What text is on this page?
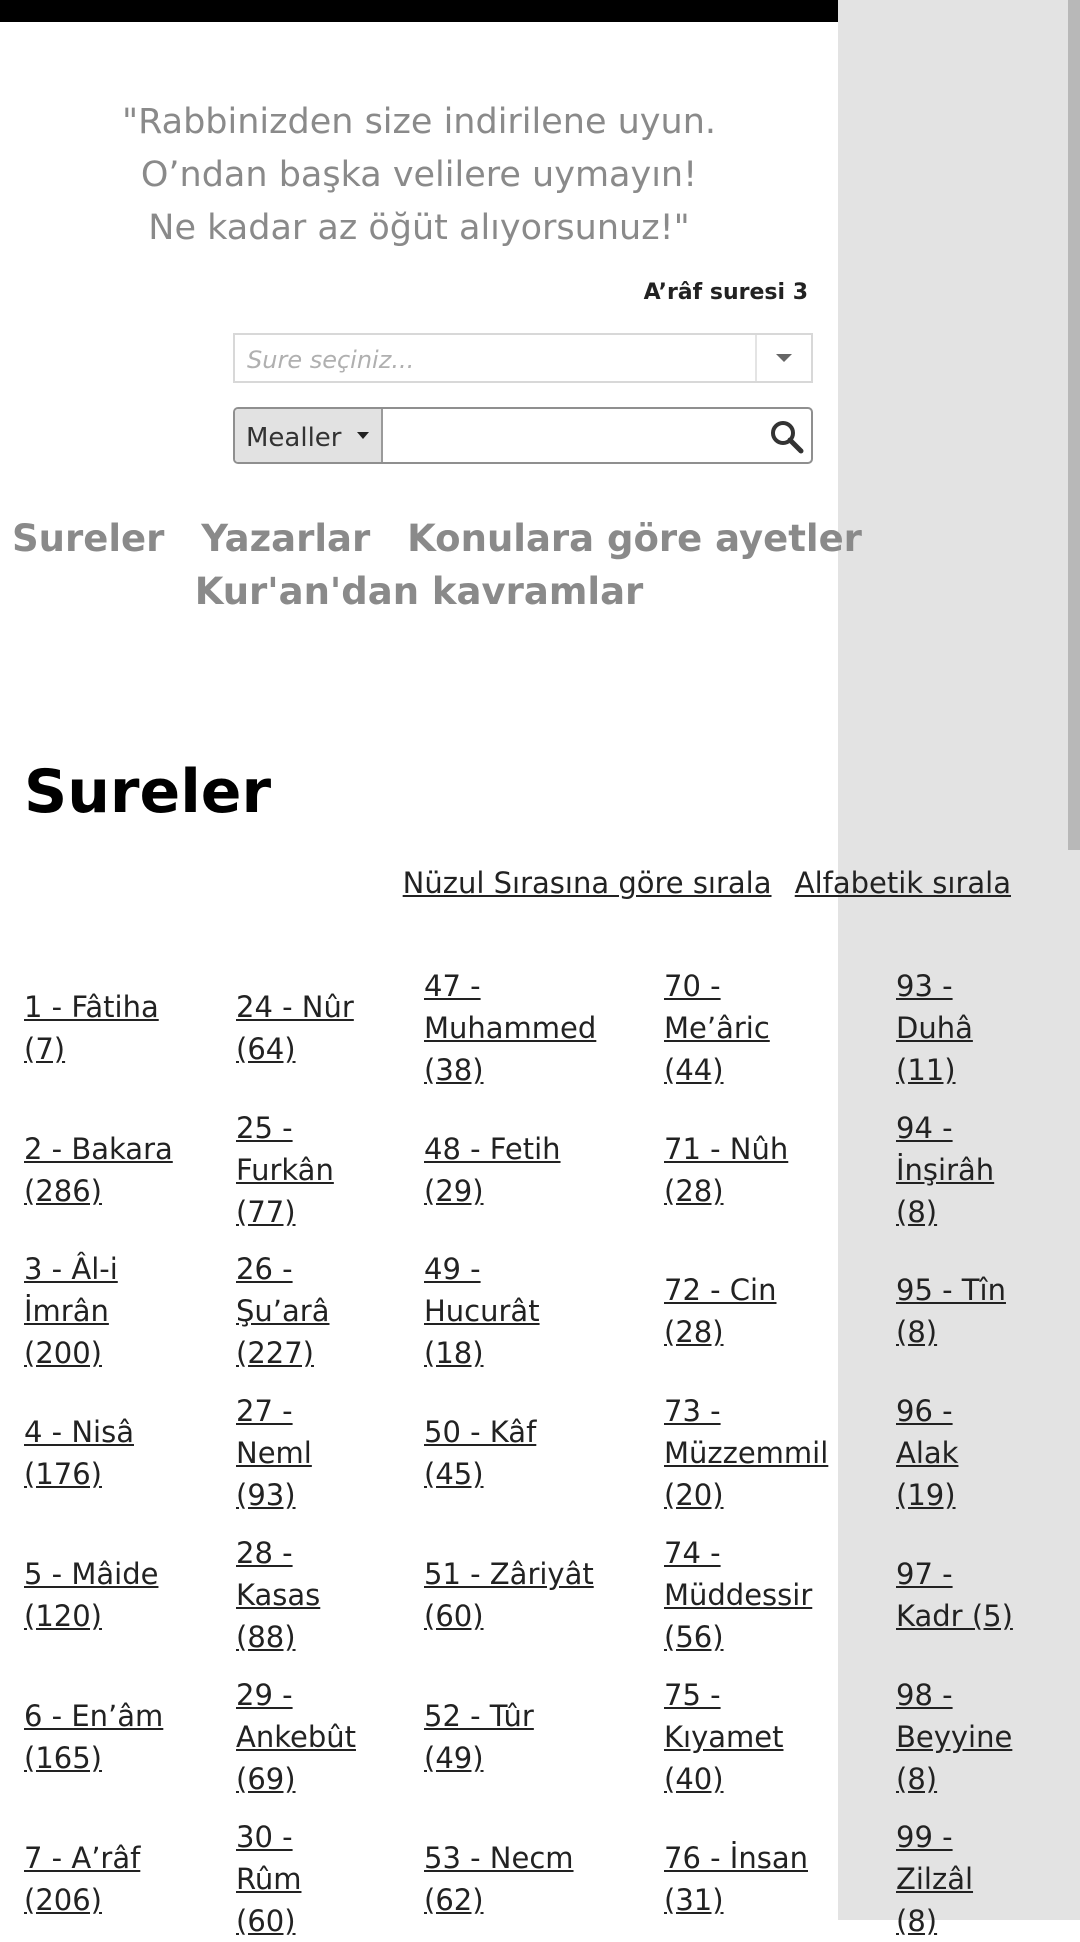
"Rabbinizden size indirilene uyun.
O’ndan başka velilere uymayın!
Ne kadar az öğüt alıyorsunuz!"
A’râf suresi 3
Sure seçiniz...
Mealler
Sureler Yazarlar Konulara göre ayetler
Kur'an'dan kavramlar
Sureler
Nüzul Sırasına göre sırala Alfabetik sırala
1 - Fâtiha
(7)
2 - Bakara
(286)
3 - Âl-i
İmrân
(200)
4 - Nisâ
(176)
5 - Mâide
(120)
6 - En’âm
(165)
7 - A’râf
(206)
24 - Nûr
(64)
25 -
Furkân
(77)
26 -
Şu’arâ
(227)
27 -
Neml
(93)
28 -
Kasas
(88)
29 -
Ankebût
(69)
30 -
Rûm
(60)
47 -
Muhammed
(38)
48 - Fetih
(29)
49 -
Hucurât
(18)
50 - Kâf
(45)
51 - Zâriyât
(60)
52 - Tûr
(49)
53 - Necm
(62)
70 -
Me’âric
(44)
71 - Nûh
(28)
72 - Cin
(28)
73 -
Müzzemmil
(20)
74 -
Müddessir
(56)
75 -
Kıyamet
(40)
76 - İnsan
(31)
93 -
Duhâ
(11)
94 -
İnşirâh
(8)
95 - Tîn
(8)
96 -
Alak
(19)
97 -
Kadr (5)
98 -
Beyyine
(8)
99 -
Zilzâl
(8)
